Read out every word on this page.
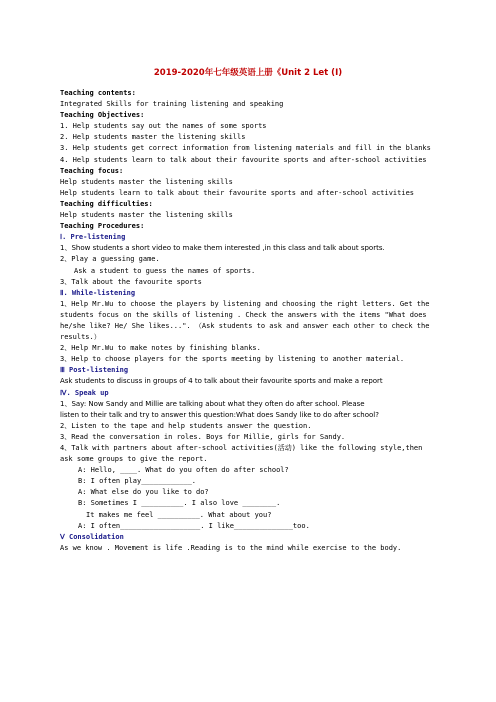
2019-2020年七年级英语上册《Unit 2 Let (I)
Teaching contents:
Integrated Skills for training listening and speaking
Teaching Objectives:
1. Help students say out the names of some sports
2. Help students master the listening skills
3. Help students get correct information from listening materials and fill in the blanks
4. Help students learn to talk about their favourite sports and after-school activities
Teaching focus:
Help students master the listening skills
Help students learn to talk about their favourite sports and after-school activities
Teaching difficulties:
Help students master the listening skills
Teaching Procedures:
Ⅰ. Pre-listening
1、Show students a short video to make them interested ,in this class and talk about sports.
2、Play a guessing game.
Ask a student to guess the names of sports.
3、Talk about the favourite sports
Ⅱ. While-listening
1、Help Mr.Wu to choose the players by listening and choosing the right letters. Get the
students focus on the skills of listening . Check the answers with the items "What does
he/she like? He/ She likes...". （Ask students to ask and answer each other to check the
results.）
2、Help Mr.Wu to make notes by finishing blanks.
3、Help to choose players for the sports meeting by listening to another material.
Ⅲ Post-listening
Ask students to discuss in groups of 4 to talk about their favourite sports and make a report
Ⅳ. Speak up
1、Say: Now Sandy and Millie are talking about what they often do after school. Please
listen to their talk and try to answer this question:What does Sandy like to do after school?
2、Listen to the tape and help students answer the question.
3、Read the conversation in roles. Boys for Millie, girls for Sandy.
4、Talk with partners about after-school activities(活动) like the following style,then
ask some groups to give the report.
A: Hello, ____. What do you often do after school?
B: I often play____________.
A: What else do you like to do?
B: Sometimes I __________. I also love ________.
It makes me feel __________. What about you?
A: I often___________________. I like______________too.
Ⅴ Consolidation
As we know . Movement is life .Reading is to the mind while exercise to the body.
